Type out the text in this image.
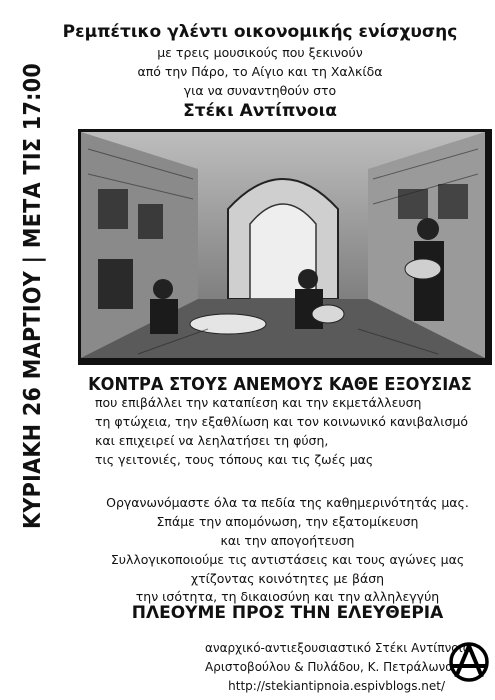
ΚΥΡΙΑΚΗ 26 ΜΑΡΤΙΟΥ | ΜΕΤΑ ΤΙΣ 17:00
Ρεμπέτικο γλέντι οικονομικής ενίσχυσης
με τρεις μουσικούς που ξεκινούν
από την Πάρο, το Αίγιο και τη Χαλκίδα
για να συναντηθούν στο
Στέκι Αντίπνοια
ΚΟΝΤΡΑ ΣΤΟΥΣ ΑΝΕΜΟΥΣ ΚΑΘΕ ΕΞΟΥΣΙΑΣ
που επιβάλλει την καταπίεση και την εκμετάλλευση
τη φτώχεια, την εξαθλίωση και τον κοινωνικό κανιβαλισμό
και επιχειρεί να λεηλατήσει τη φύση,
τις γειτονιές, τους τόπους και τις ζωές μας
Οργανωνόμαστε όλα τα πεδία της καθημερινότητάς μας.
Σπάμε την απομόνωση, την εξατομίκευση
και την απογοήτευση
Συλλογικοποιούμε τις αντιστάσεις και τους αγώνες μας
χτίζοντας κοινότητες με βάση
την ισότητα, τη δικαιοσύνη και την αλληλεγγύη
ΠΛΕΟΥΜΕ ΠΡΟΣ ΤΗΝ ΕΛΕΥΘΕΡΙΑ
αναρχικό-αντιεξουσιαστικό Στέκι Αντίπνοια
Αριστοβούλου & Πυλάδου, Κ. Πετράλωνα
http://stekiantipnoia.espivblogs.net/
